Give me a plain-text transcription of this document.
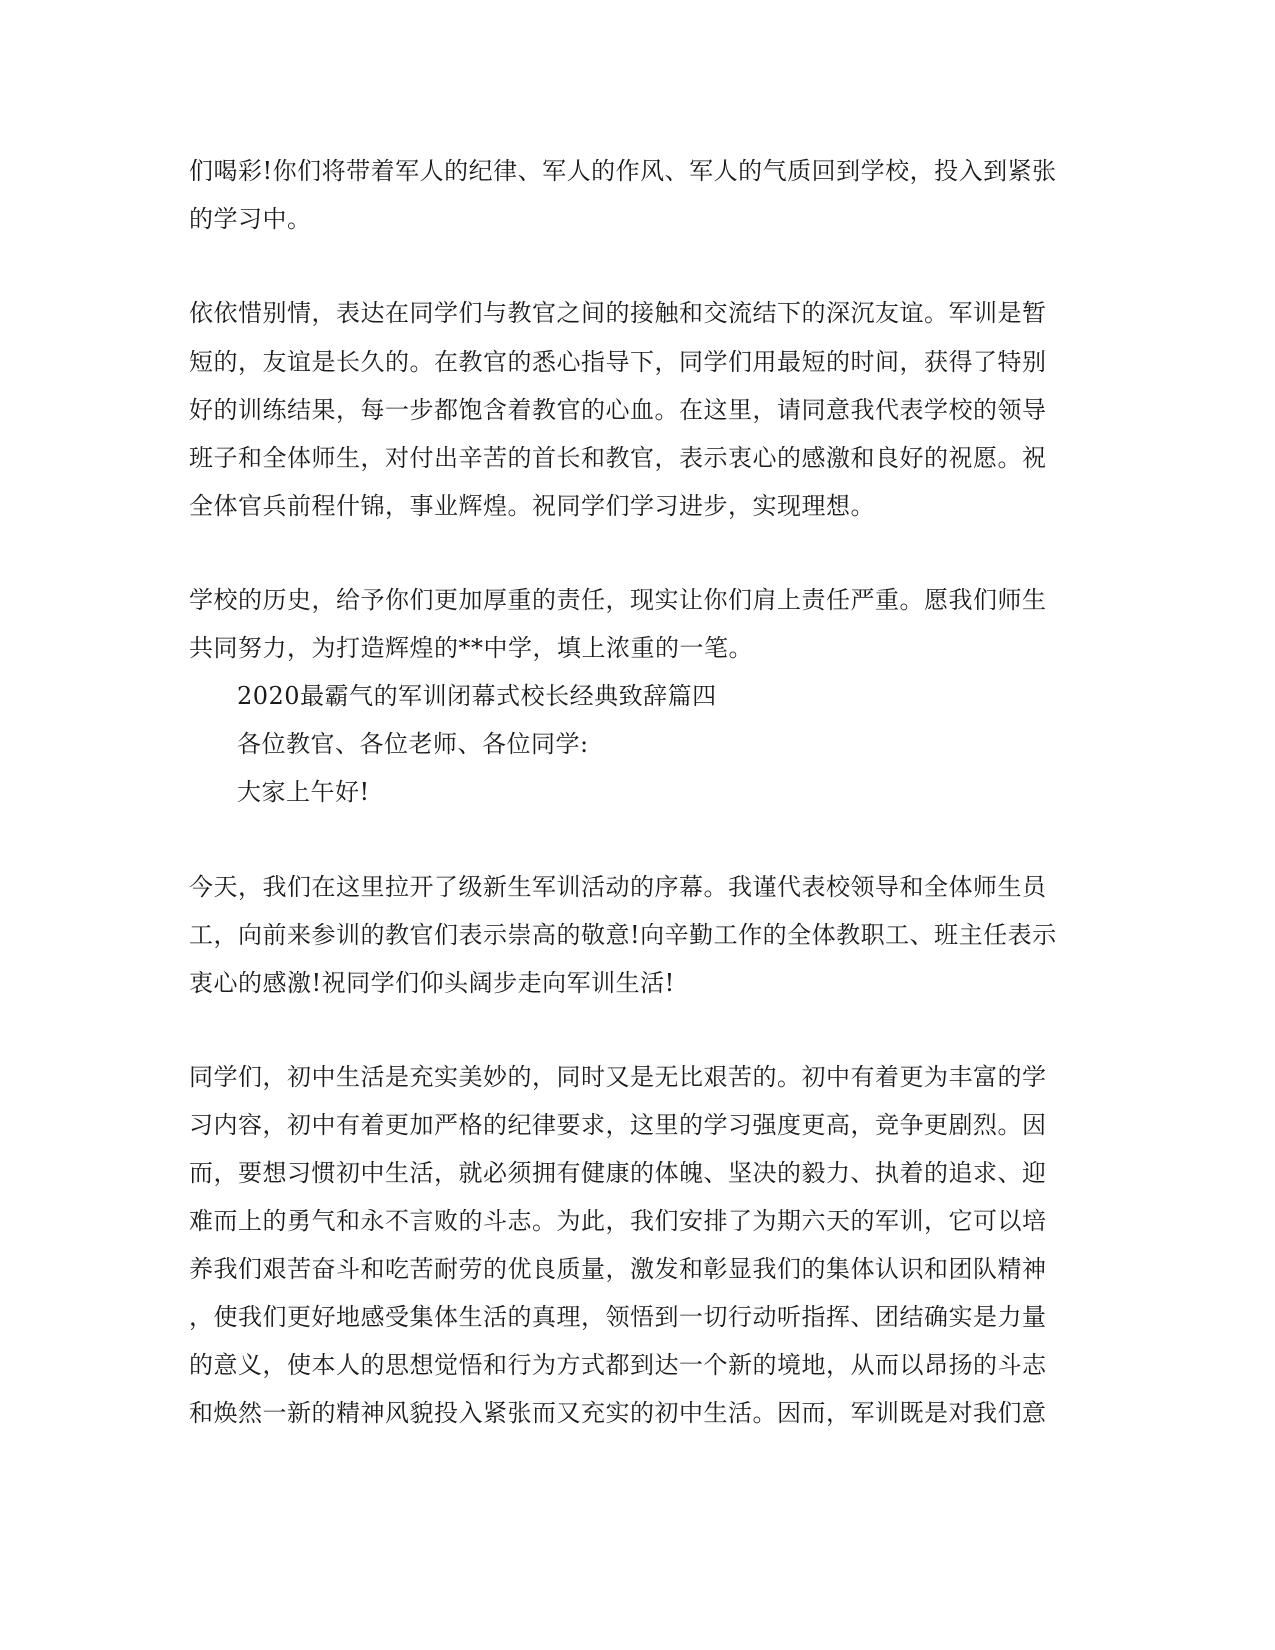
们喝彩!你们将带着军人的纪律、军人的作风、军人的气质回到学校，投入到紧张
的学习中。
依依惜别情，表达在同学们与教官之间的接触和交流结下的深沉友谊。军训是暂
短的，友谊是长久的。在教官的悉心指导下，同学们用最短的时间，获得了特别
好的训练结果，每一步都饱含着教官的心血。在这里，请同意我代表学校的领导
班子和全体师生，对付出辛苦的首长和教官，表示衷心的感激和良好的祝愿。祝
全体官兵前程什锦，事业辉煌。祝同学们学习进步，实现理想。
学校的历史，给予你们更加厚重的责任，现实让你们肩上责任严重。愿我们师生
共同努力，为打造辉煌的**中学，填上浓重的一笔。
2020最霸气的军训闭幕式校长经典致辞篇四
各位教官、各位老师、各位同学:
大家上午好!
今天，我们在这里拉开了级新生军训活动的序幕。我谨代表校领导和全体师生员
工，向前来参训的教官们表示崇高的敬意!向辛勤工作的全体教职工、班主任表示
衷心的感激!祝同学们仰头阔步走向军训生活!
同学们，初中生活是充实美妙的，同时又是无比艰苦的。初中有着更为丰富的学
习内容，初中有着更加严格的纪律要求，这里的学习强度更高，竞争更剧烈。因
而，要想习惯初中生活，就必须拥有健康的体魄、坚决的毅力、执着的追求、迎
难而上的勇气和永不言败的斗志。为此，我们安排了为期六天的军训，它可以培
养我们艰苦奋斗和吃苦耐劳的优良质量，激发和彰显我们的集体认识和团队精神
，使我们更好地感受集体生活的真理，领悟到一切行动听指挥、团结确实是力量
的意义，使本人的思想觉悟和行为方式都到达一个新的境地，从而以昂扬的斗志
和焕然一新的精神风貌投入紧张而又充实的初中生活。因而，军训既是对我们意
